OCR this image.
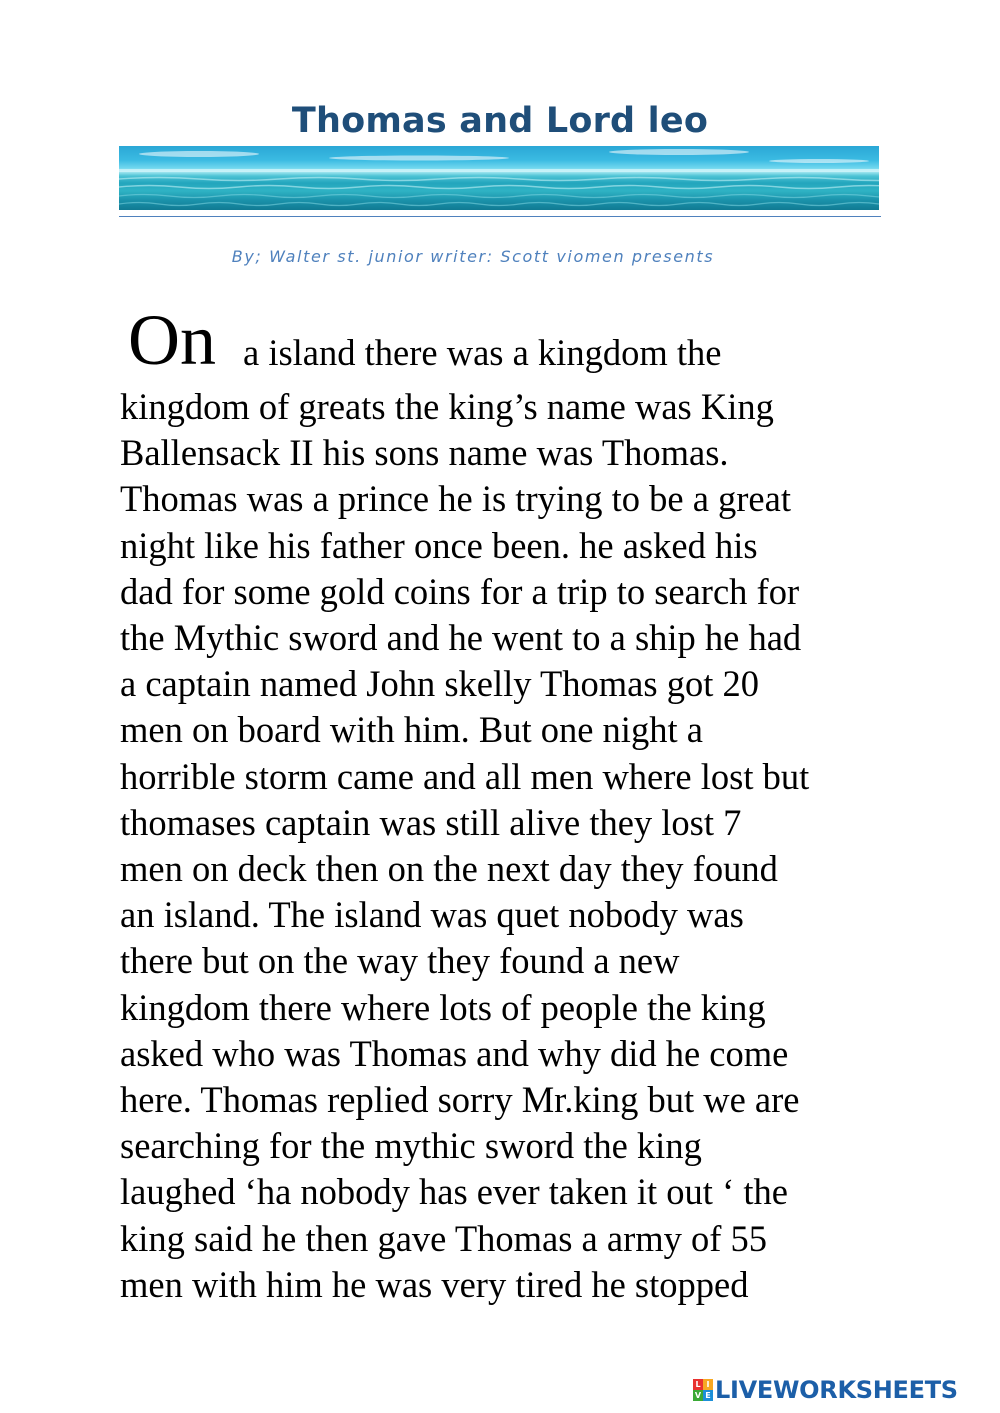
Thomas and Lord leo

By; Walter st. junior writer: Scott viomen presents

On a island there was a kingdom the
kingdom of greats the king’s name was King
Ballensack II his sons name was Thomas.
Thomas was a prince he is trying to be a great
night like his father once been. he asked his
dad for some gold coins for a trip to search for
the Mythic sword and he went to a ship he had
a captain named John skelly Thomas got 20
men on board with him. But one night a
horrible storm came and all men where lost but
thomases captain was still alive they lost 7
men on deck then on the next day they found
an island. The island was quet nobody was
there but on the way they found a new
kingdom there where lots of people the king
asked who was Thomas and why did he come
here. Thomas replied sorry Mr.king but we are
searching for the mythic sword the king
laughed ‘ha nobody has ever taken it out ‘ the
king said he then gave Thomas a army of 55
men with him he was very tired he stopped
L I
V E LIVEWORKSHEETS
